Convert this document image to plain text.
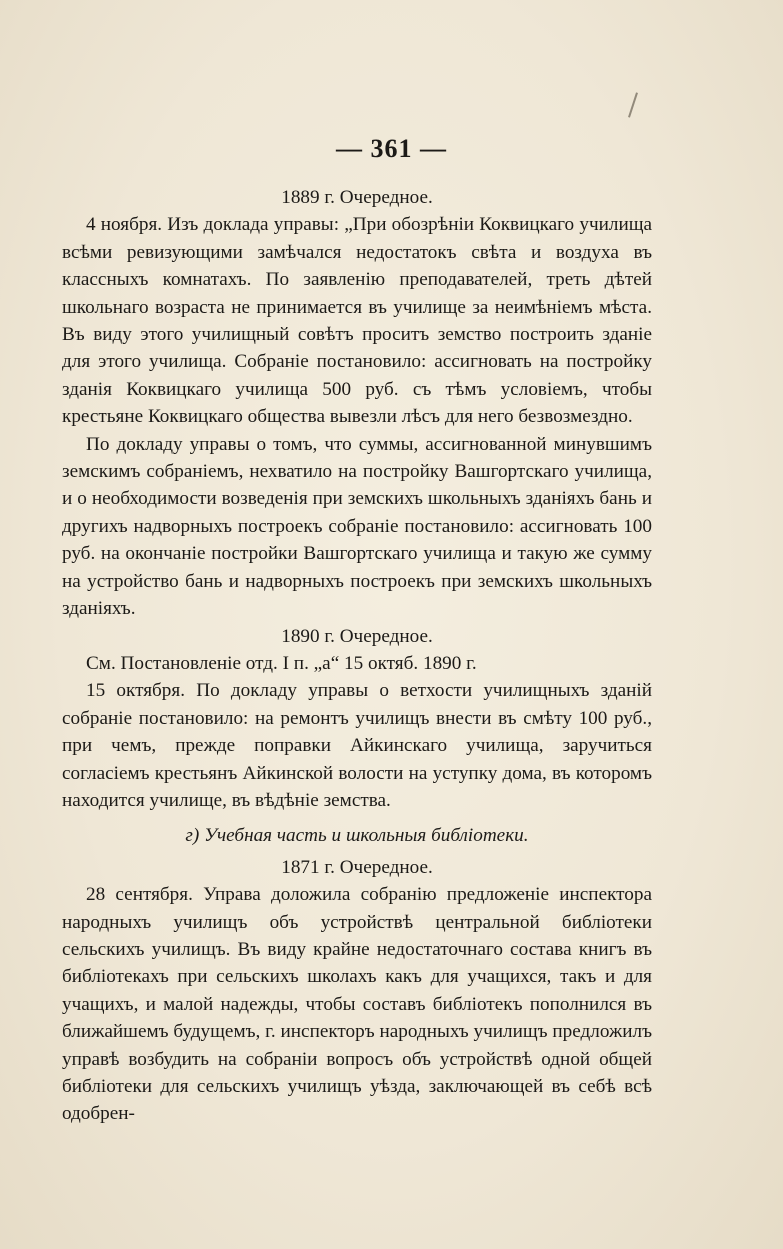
— 361 —

1889 г. Очередное.

4 ноября. Изъ доклада управы: „При обозрѣніи Коквицкаго училища всѣми ревизующими замѣчался недостатокъ свѣта и воздуха въ классныхъ комнатахъ. По заявленію преподавателей, треть дѣтей школьнаго возраста не принимается въ училище за неимѣніемъ мѣста. Въ виду этого училищный совѣтъ проситъ земство построить зданіе для этого училища. Собраніе постановило: ассигновать на постройку зданія Коквицкаго училища 500 руб. съ тѣмъ условіемъ, чтобы крестьяне Коквицкаго общества вывезли лѣсъ для него безвозмездно.

По докладу управы о томъ, что суммы, ассигнованной минувшимъ земскимъ собраніемъ, нехватило на постройку Вашгортскаго училища, и о необходимости возведенія при земскихъ школьныхъ зданіяхъ бань и другихъ надворныхъ построекъ собраніе постановило: ассигновать 100 руб. на окончаніе постройки Вашгортскаго училища и такую же сумму на устройство бань и надворныхъ построекъ при земскихъ школьныхъ зданіяхъ.

1890 г. Очередное.

См. Постановленіе отд. I п. „а“ 15 октяб. 1890 г.

15 октября. По докладу управы о ветхости училищныхъ зданій собраніе постановило: на ремонтъ училищъ внести въ смѣту 100 руб., при чемъ, прежде поправки Айкинскаго училища, заручиться согласіемъ крестьянъ Айкинской волости на уступку дома, въ которомъ находится училище, въ вѣдѣніе земства.

г) Учебная часть и школьныя библіотеки.

1871 г. Очередное.

28 сентября. Управа доложила собранію предложеніе инспектора народныхъ училищъ объ устройствѣ центральной библіотеки сельскихъ училищъ. Въ виду крайне недостаточнаго состава книгъ въ библіотекахъ при сельскихъ школахъ какъ для учащихся, такъ и для учащихъ, и малой надежды, чтобы составъ библіотекъ пополнился въ ближайшемъ будущемъ, г. инспекторъ народныхъ училищъ предложилъ управѣ возбудить на собраніи вопросъ объ устройствѣ одной общей библіотеки для сельскихъ училищъ уѣзда, заключающей въ себѣ всѣ одобрен-
